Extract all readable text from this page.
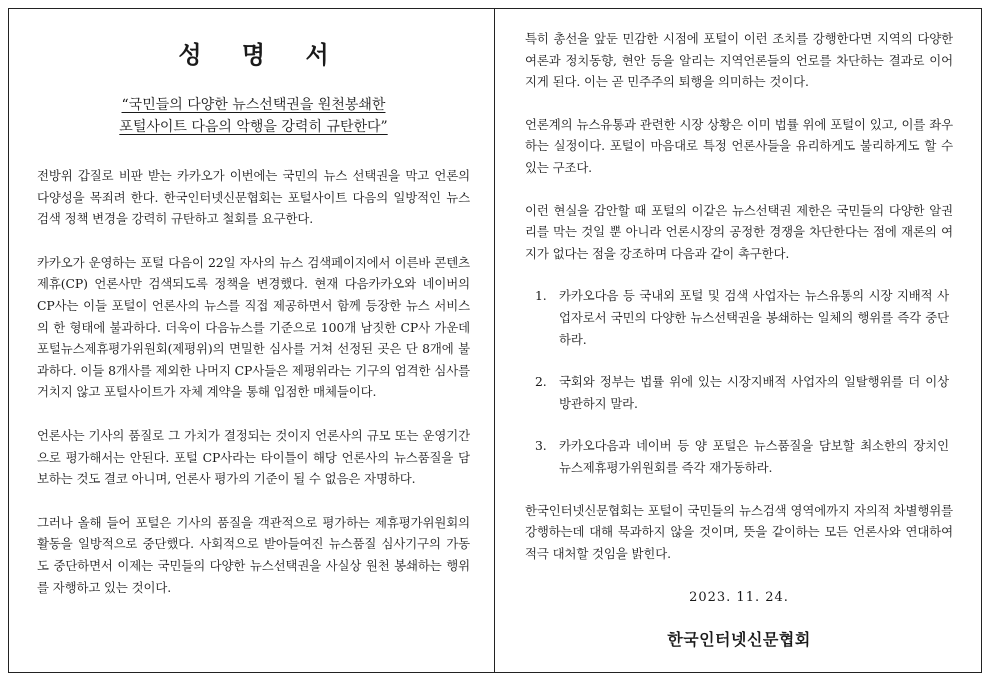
성 명 서
“국민들의 다양한 뉴스선택권을 원천봉쇄한
포털사이트 다음의 악행을 강력히 규탄한다”

전방위 갑질로 비판 받는 카카오가 이번에는 국민의 뉴스 선택권을 막고 언론의 다양성을 목죄려 한다. 한국인터넷신문협회는 포털사이트 다음의 일방적인 뉴스 검색 정책 변경을 강력히 규탄하고 철회를 요구한다.

카카오가 운영하는 포털 다음이 22일 자사의 뉴스 검색페이지에서 이른바 콘텐츠제휴(CP) 언론사만 검색되도록 정책을 변경했다. 현재 다음카카오와 네이버의 CP사는 이들 포털이 언론사의 뉴스를 직접 제공하면서 함께 등장한 뉴스 서비스의 한 형태에 불과하다. 더욱이 다음뉴스를 기준으로 100개 남짓한 CP사 가운데 포털뉴스제휴평가위원회(제평위)의 면밀한 심사를 거쳐 선정된 곳은 단 8개에 불과하다. 이들 8개사를 제외한 나머지 CP사들은 제평위라는 기구의 엄격한 심사를 거치지 않고 포털사이트가 자체 계약을 통해 입점한 매체들이다.

언론사는 기사의 품질로 그 가치가 결정되는 것이지 언론사의 규모 또는 운영기간으로 평가해서는 안된다. 포털 CP사라는 타이틀이 해당 언론사의 뉴스품질을 담보하는 것도 결코 아니며, 언론사 평가의 기준이 될 수 없음은 자명하다.

그러나 올해 들어 포털은 기사의 품질을 객관적으로 평가하는 제휴평가위원회의 활동을 일방적으로 중단했다. 사회적으로 받아들여진 뉴스품질 심사기구의 가동도 중단하면서 이제는 국민들의 다양한 뉴스선택권을 사실상 원천 봉쇄하는 행위를 자행하고 있는 것이다.

특히 총선을 앞둔 민감한 시점에 포털이 이런 조치를 강행한다면 지역의 다양한 여론과 정치동향, 현안 등을 알리는 지역언론들의 언로를 차단하는 결과로 이어지게 된다. 이는 곧 민주주의 퇴행을 의미하는 것이다.

언론계의 뉴스유통과 관련한 시장 상황은 이미 법률 위에 포털이 있고, 이를 좌우하는 실정이다. 포털이 마음대로 특정 언론사들을 유리하게도 불리하게도 할 수 있는 구조다.

이런 현실을 감안할 때 포털의 이같은 뉴스선택권 제한은 국민들의 다양한 알권리를 막는 것일 뿐 아니라 언론시장의 공정한 경쟁을 차단한다는 점에 재론의 여지가 없다는 점을 강조하며 다음과 같이 촉구한다.

1. 카카오다음 등 국내외 포털 및 검색 사업자는 뉴스유통의 시장 지배적 사업자로서 국민의 다양한 뉴스선택권을 봉쇄하는 일체의 행위를 즉각 중단하라.
2. 국회와 정부는 법률 위에 있는 시장지배적 사업자의 일탈행위를 더 이상 방관하지 말라.
3. 카카오다음과 네이버 등 양 포털은 뉴스품질을 담보할 최소한의 장치인 뉴스제휴평가위원회를 즉각 재가동하라.

한국인터넷신문협회는 포털이 국민들의 뉴스검색 영역에까지 자의적 차별행위를 강행하는데 대해 묵과하지 않을 것이며, 뜻을 같이하는 모든 언론사와 연대하여 적극 대처할 것임을 밝힌다.

2023. 11. 24.
한국인터넷신문협회
